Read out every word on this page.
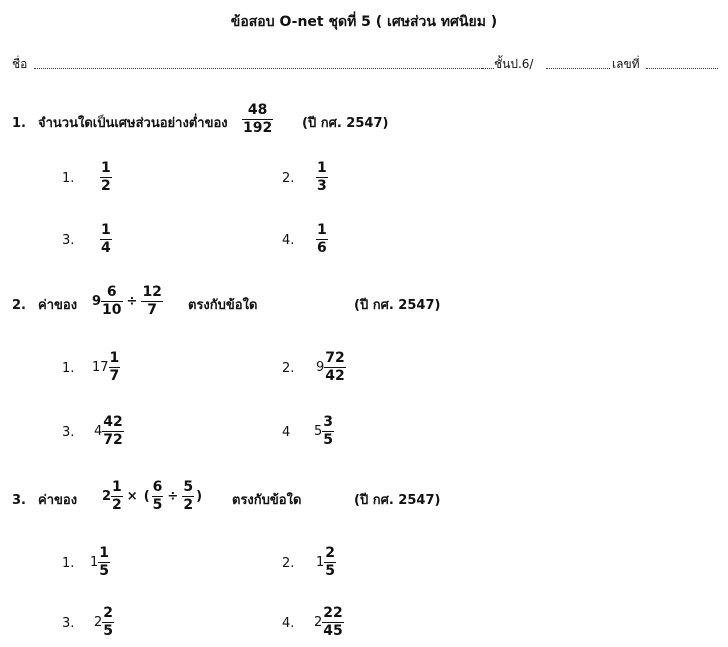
ข้อสอบ O-net ชุดที่ 5 ( เศษส่วน ทศนิยม )
ชื่อ	ชั้นป.6/	เลขที่
1. จำนวนใดเป็นเศษส่วนอย่างต่ำของ $\frac{48}{192}$ (ปี กศ. 2547)
1. $\frac{1}{2}$	2. $\frac{1}{3}$
3. $\frac{1}{4}$	4. $\frac{1}{6}$
2. ค่าของ $9 \frac{6}{10} \div \frac{12}{7}$ ตรงกับข้อใด	(ปี กศ. 2547)
1. $17 \frac{1}{7}$	2. $9 \frac{72}{42}$
3. $4 \frac{42}{72}$	4 $5 \frac{3}{5}$
3. ค่าของ $2 \frac{1}{2}$ × ( $\frac{6}{5} \div \frac{5}{2}$ ) ตรงกับข้อใด	(ปี กศ. 2547)
1. $1 \frac{1}{5}$	2. $1 \frac{2}{5}$
3. $2 \frac{2}{5}$	4. $2 \frac{22}{45}$
